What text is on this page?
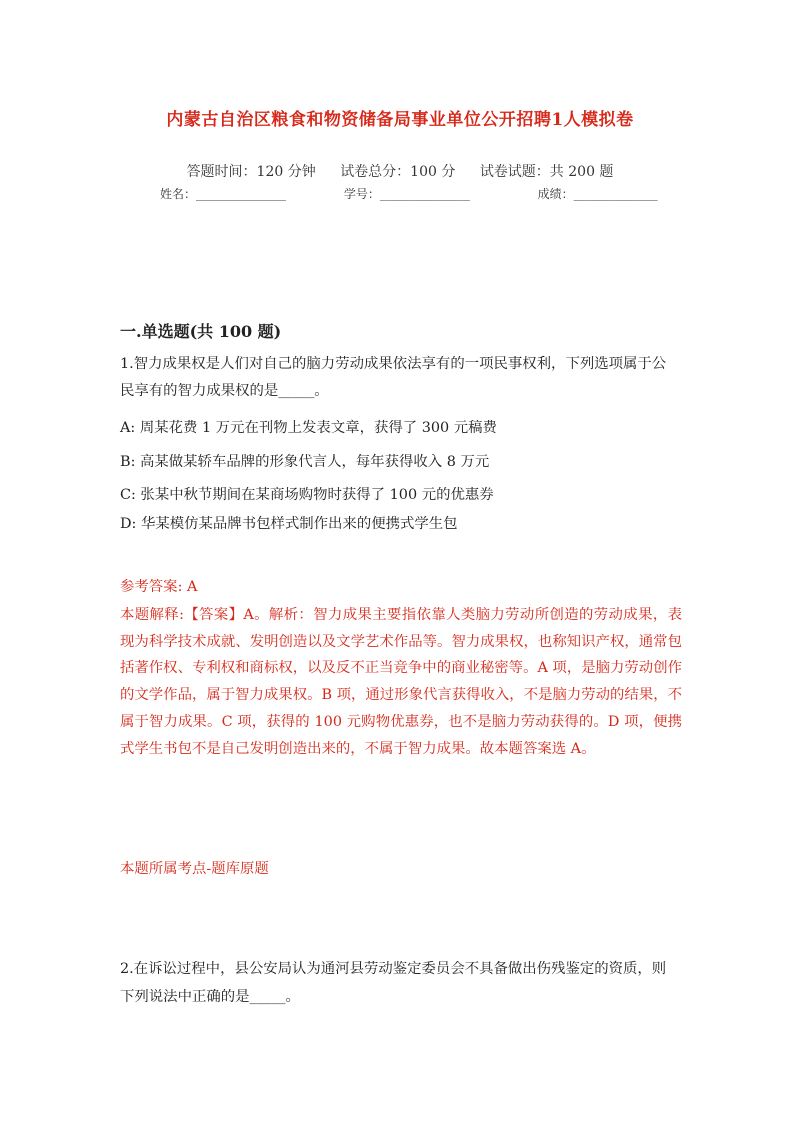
内蒙古自治区粮食和物资储备局事业单位公开招聘1人模拟卷
答题时间：120 分钟 试卷总分：100 分 试卷试题：共 200 题
姓名：_______________	学号：_______________	成绩：______________
一.单选题(共 100 题)
1.智力成果权是人们对自己的脑力劳动成果依法享有的一项民事权利，下列选项属于公民享有的智力成果权的是_____。
A: 周某花费 1 万元在刊物上发表文章，获得了 300 元稿费
B: 高某做某轿车品牌的形象代言人，每年获得收入 8 万元
C: 张某中秋节期间在某商场购物时获得了 100 元的优惠券
D: 华某模仿某品牌书包样式制作出来的便携式学生包
参考答案: A
本题解释:【答案】A。解析：智力成果主要指依靠人类脑力劳动所创造的劳动成果，表现为科学技术成就、发明创造以及文学艺术作品等。智力成果权，也称知识产权，通常包括著作权、专利权和商标权，以及反不正当竞争中的商业秘密等。A 项，是脑力劳动创作的文学作品，属于智力成果权。B 项，通过形象代言获得收入，不是脑力劳动的结果，不属于智力成果。C 项，获得的 100 元购物优惠券，也不是脑力劳动获得的。D 项，便携式学生书包不是自己发明创造出来的，不属于智力成果。故本题答案选 A。
本题所属考点-题库原题
2.在诉讼过程中，县公安局认为通河县劳动鉴定委员会不具备做出伤残鉴定的资质，则下列说法中正确的是_____。
